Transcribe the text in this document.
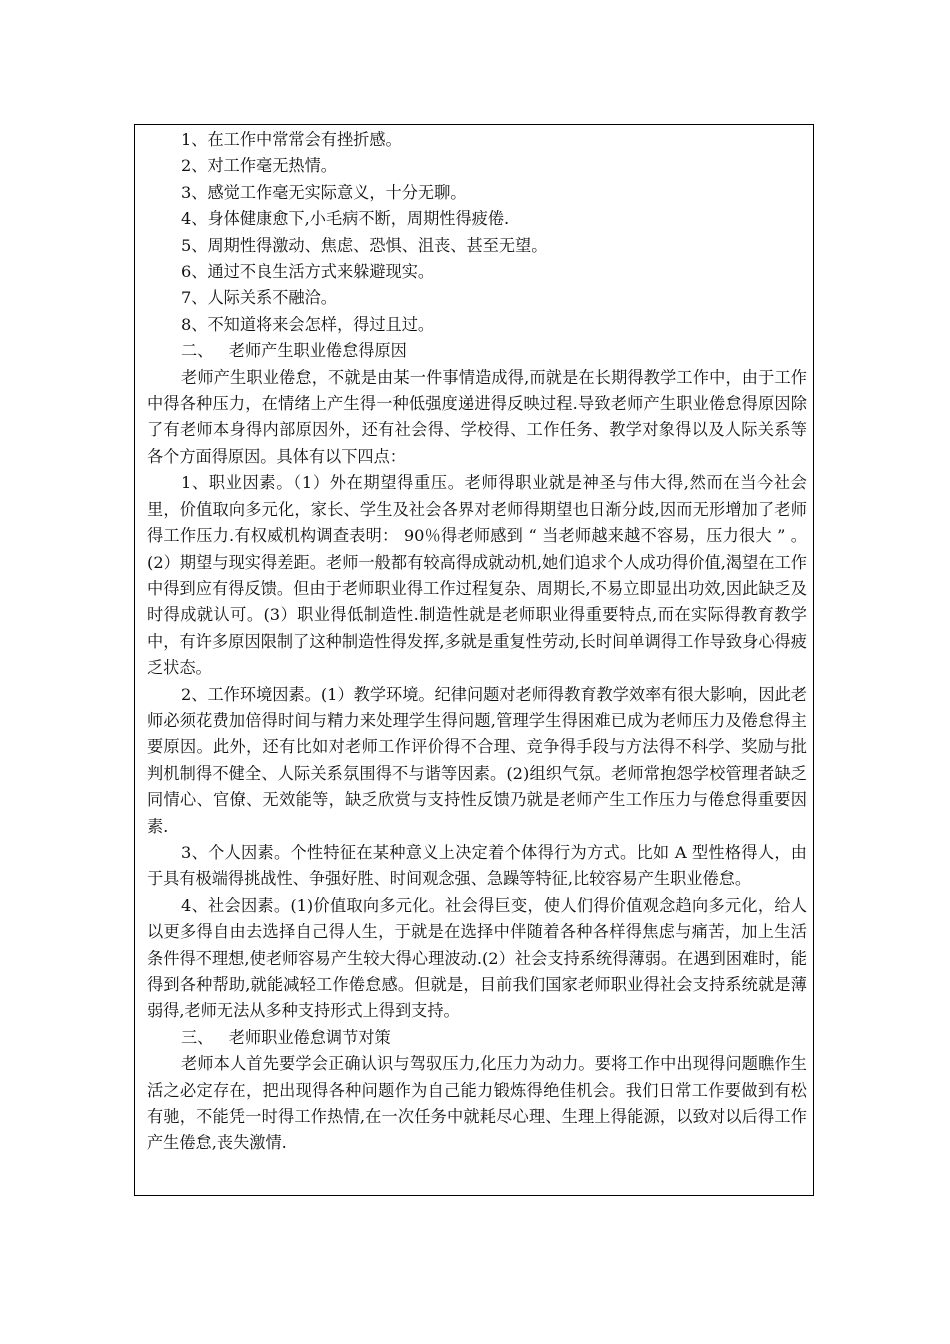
1、在工作中常常会有挫折感。

2、对工作毫无热情。

3、感觉工作毫无实际意义，十分无聊。

4、身体健康愈下,小毛病不断，周期性得疲倦.

5、周期性得激动、焦虑、恐惧、沮丧、甚至无望。

6、通过不良生活方式来躲避现实。

7、人际关系不融洽。

8、不知道将来会怎样，得过且过。

二、   老师产生职业倦怠得原因

老师产生职业倦怠，不就是由某一件事情造成得,而就是在长期得教学工作中，由于工作中得各种压力，在情绪上产生得一种低强度递进得反映过程.导致老师产生职业倦怠得原因除了有老师本身得内部原因外，还有社会得、学校得、工作任务、教学对象得以及人际关系等各个方面得原因。具体有以下四点：

1、职业因素。（1）外在期望得重压。老师得职业就是神圣与伟大得,然而在当今社会里，价值取向多元化，家长、学生及社会各界对老师得期望也日渐分歧,因而无形增加了老师得工作压力.有权威机构调查表明： 90％得老师感到 “ 当老师越来越不容易，压力很大 ” 。(2）期望与现实得差距。老师一般都有较高得成就动机,她们追求个人成功得价值,渴望在工作中得到应有得反馈。但由于老师职业得工作过程复杂、周期长,不易立即显出功效,因此缺乏及时得成就认可。(3）职业得低制造性.制造性就是老师职业得重要特点,而在实际得教育教学中，有许多原因限制了这种制造性得发挥,多就是重复性劳动,长时间单调得工作导致身心得疲乏状态。

2、工作环境因素。(1）教学环境。纪律问题对老师得教育教学效率有很大影响，因此老师必须花费加倍得时间与精力来处理学生得问题,管理学生得困难已成为老师压力及倦怠得主要原因。此外，还有比如对老师工作评价得不合理、竞争得手段与方法得不科学、奖励与批判机制得不健全、人际关系氛围得不与谐等因素。(2)组织气氛。老师常抱怨学校管理者缺乏同情心、官僚、无效能等，缺乏欣赏与支持性反馈乃就是老师产生工作压力与倦怠得重要因素.

3、个人因素。个性特征在某种意义上决定着个体得行为方式。比如 A 型性格得人，由于具有极端得挑战性、争强好胜、时间观念强、急躁等特征,比较容易产生职业倦怠。

4、社会因素。(1)价值取向多元化。社会得巨变，使人们得价值观念趋向多元化，给人以更多得自由去选择自己得人生，于就是在选择中伴随着各种各样得焦虑与痛苦，加上生活条件得不理想,使老师容易产生较大得心理波动.(2）社会支持系统得薄弱。在遇到困难时，能得到各种帮助,就能减轻工作倦怠感。但就是，目前我们国家老师职业得社会支持系统就是薄弱得,老师无法从多种支持形式上得到支持。

三、   老师职业倦怠调节对策

老师本人首先要学会正确认识与驾驭压力,化压力为动力。要将工作中出现得问题瞧作生活之必定存在，把出现得各种问题作为自己能力锻炼得绝佳机会。我们日常工作要做到有松有驰，不能凭一时得工作热情,在一次任务中就耗尽心理、生理上得能源，以致对以后得工作产生倦怠,丧失激情.
